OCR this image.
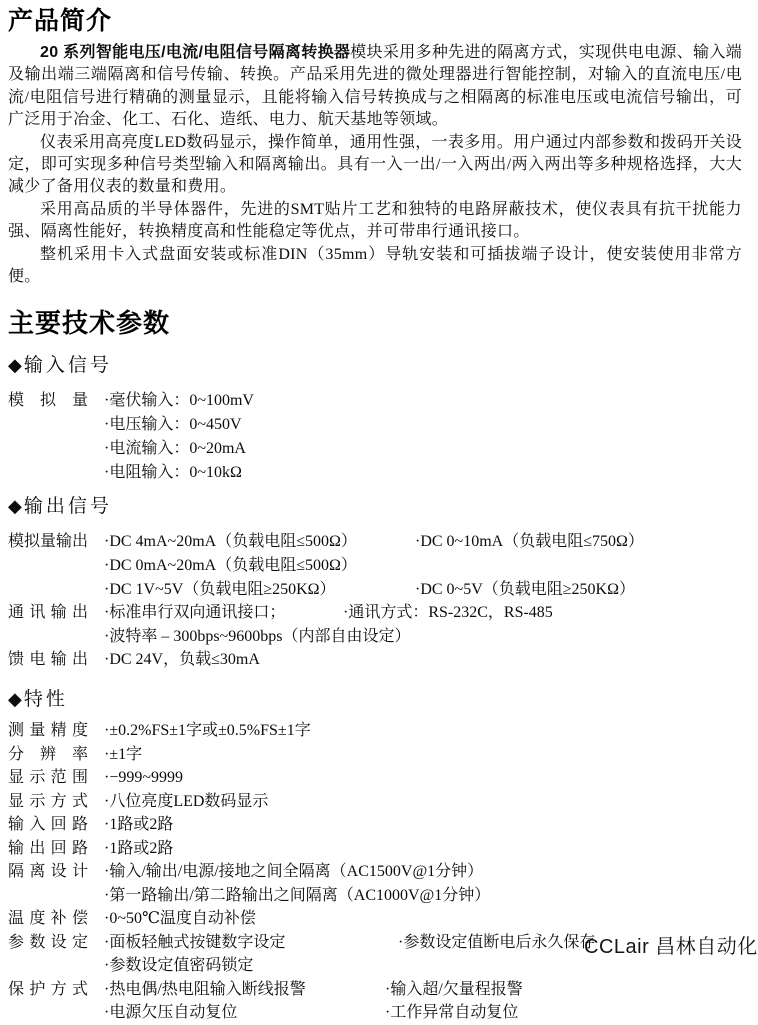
产品简介

20 系列智能电压/电流/电阻信号隔离转换器模块采用多种先进的隔离方式，实现供电电源、输入端及输出端三端隔离和信号传输、转换。产品采用先进的微处理器进行智能控制，对输入的直流电压/电流/电阻信号进行精确的测量显示，且能将输入信号转换成与之相隔离的标准电压或电流信号输出，可广泛用于冶金、化工、石化、造纸、电力、航天基地等领域。

仪表采用高亮度LED数码显示，操作简单，通用性强，一表多用。用户通过内部参数和拨码开关设定，即可实现多种信号类型输入和隔离输出。具有一入一出/一入两出/两入两出等多种规格选择，大大减少了备用仪表的数量和费用。

采用高品质的半导体器件，先进的SMT贴片工艺和独特的电路屏蔽技术，使仪表具有抗干扰能力强、隔离性能好，转换精度高和性能稳定等优点，并可带串行通讯接口。

整机采用卡入式盘面安装或标准DIN（35mm）导轨安装和可插拔端子设计，使安装使用非常方便。

主要技术参数
◆ 输入信号
模 拟 量 ·毫伏输入：0~100mV
·电压输入：0~450V
·电流输入：0~20mA
·电阻输入：0~10kΩ
◆ 输出信号
模拟量输出 ·DC 4mA~20mA（负载电阻≤500Ω）	·DC 0~10mA（负载电阻≤750Ω）
·DC 0mA~20mA（负载电阻≤500Ω）
·DC 1V~5V（负载电阻≥250KΩ）	·DC 0~5V（负载电阻≥250KΩ）
通 讯 输 出 ·标准串行双向通讯接口；	·通讯方式：RS-232C，RS-485
·波特率 – 300bps~9600bps（内部自由设定）
馈 电 输 出 ·DC 24V，负载≤30mA
◆ 特性
测 量 精 度 ·±0.2%FS±1字或±0.5%FS±1字
分 辨 率 ·±1字
显 示 范 围 ·−999~9999
显 示 方 式 ·八位亮度LED数码显示
输 入 回 路 ·1路或2路
输 出 回 路 ·1路或2路
隔 离 设 计 ·输入/输出/电源/接地之间全隔离（AC1500V@1分钟）
·第一路输出/第二路输出之间隔离（AC1000V@1分钟）
温 度 补 偿 ·0~50℃温度自动补偿
参 数 设 定 ·面板轻触式按键数字设定	·参数设定值断电后永久保存
·参数设定值密码锁定
保 护 方 式 ·热电偶/热电阻输入断线报警	·输入超/欠量程报警
·电源欠压自动复位	·工作异常自动复位
CCLair 昌林自动化
